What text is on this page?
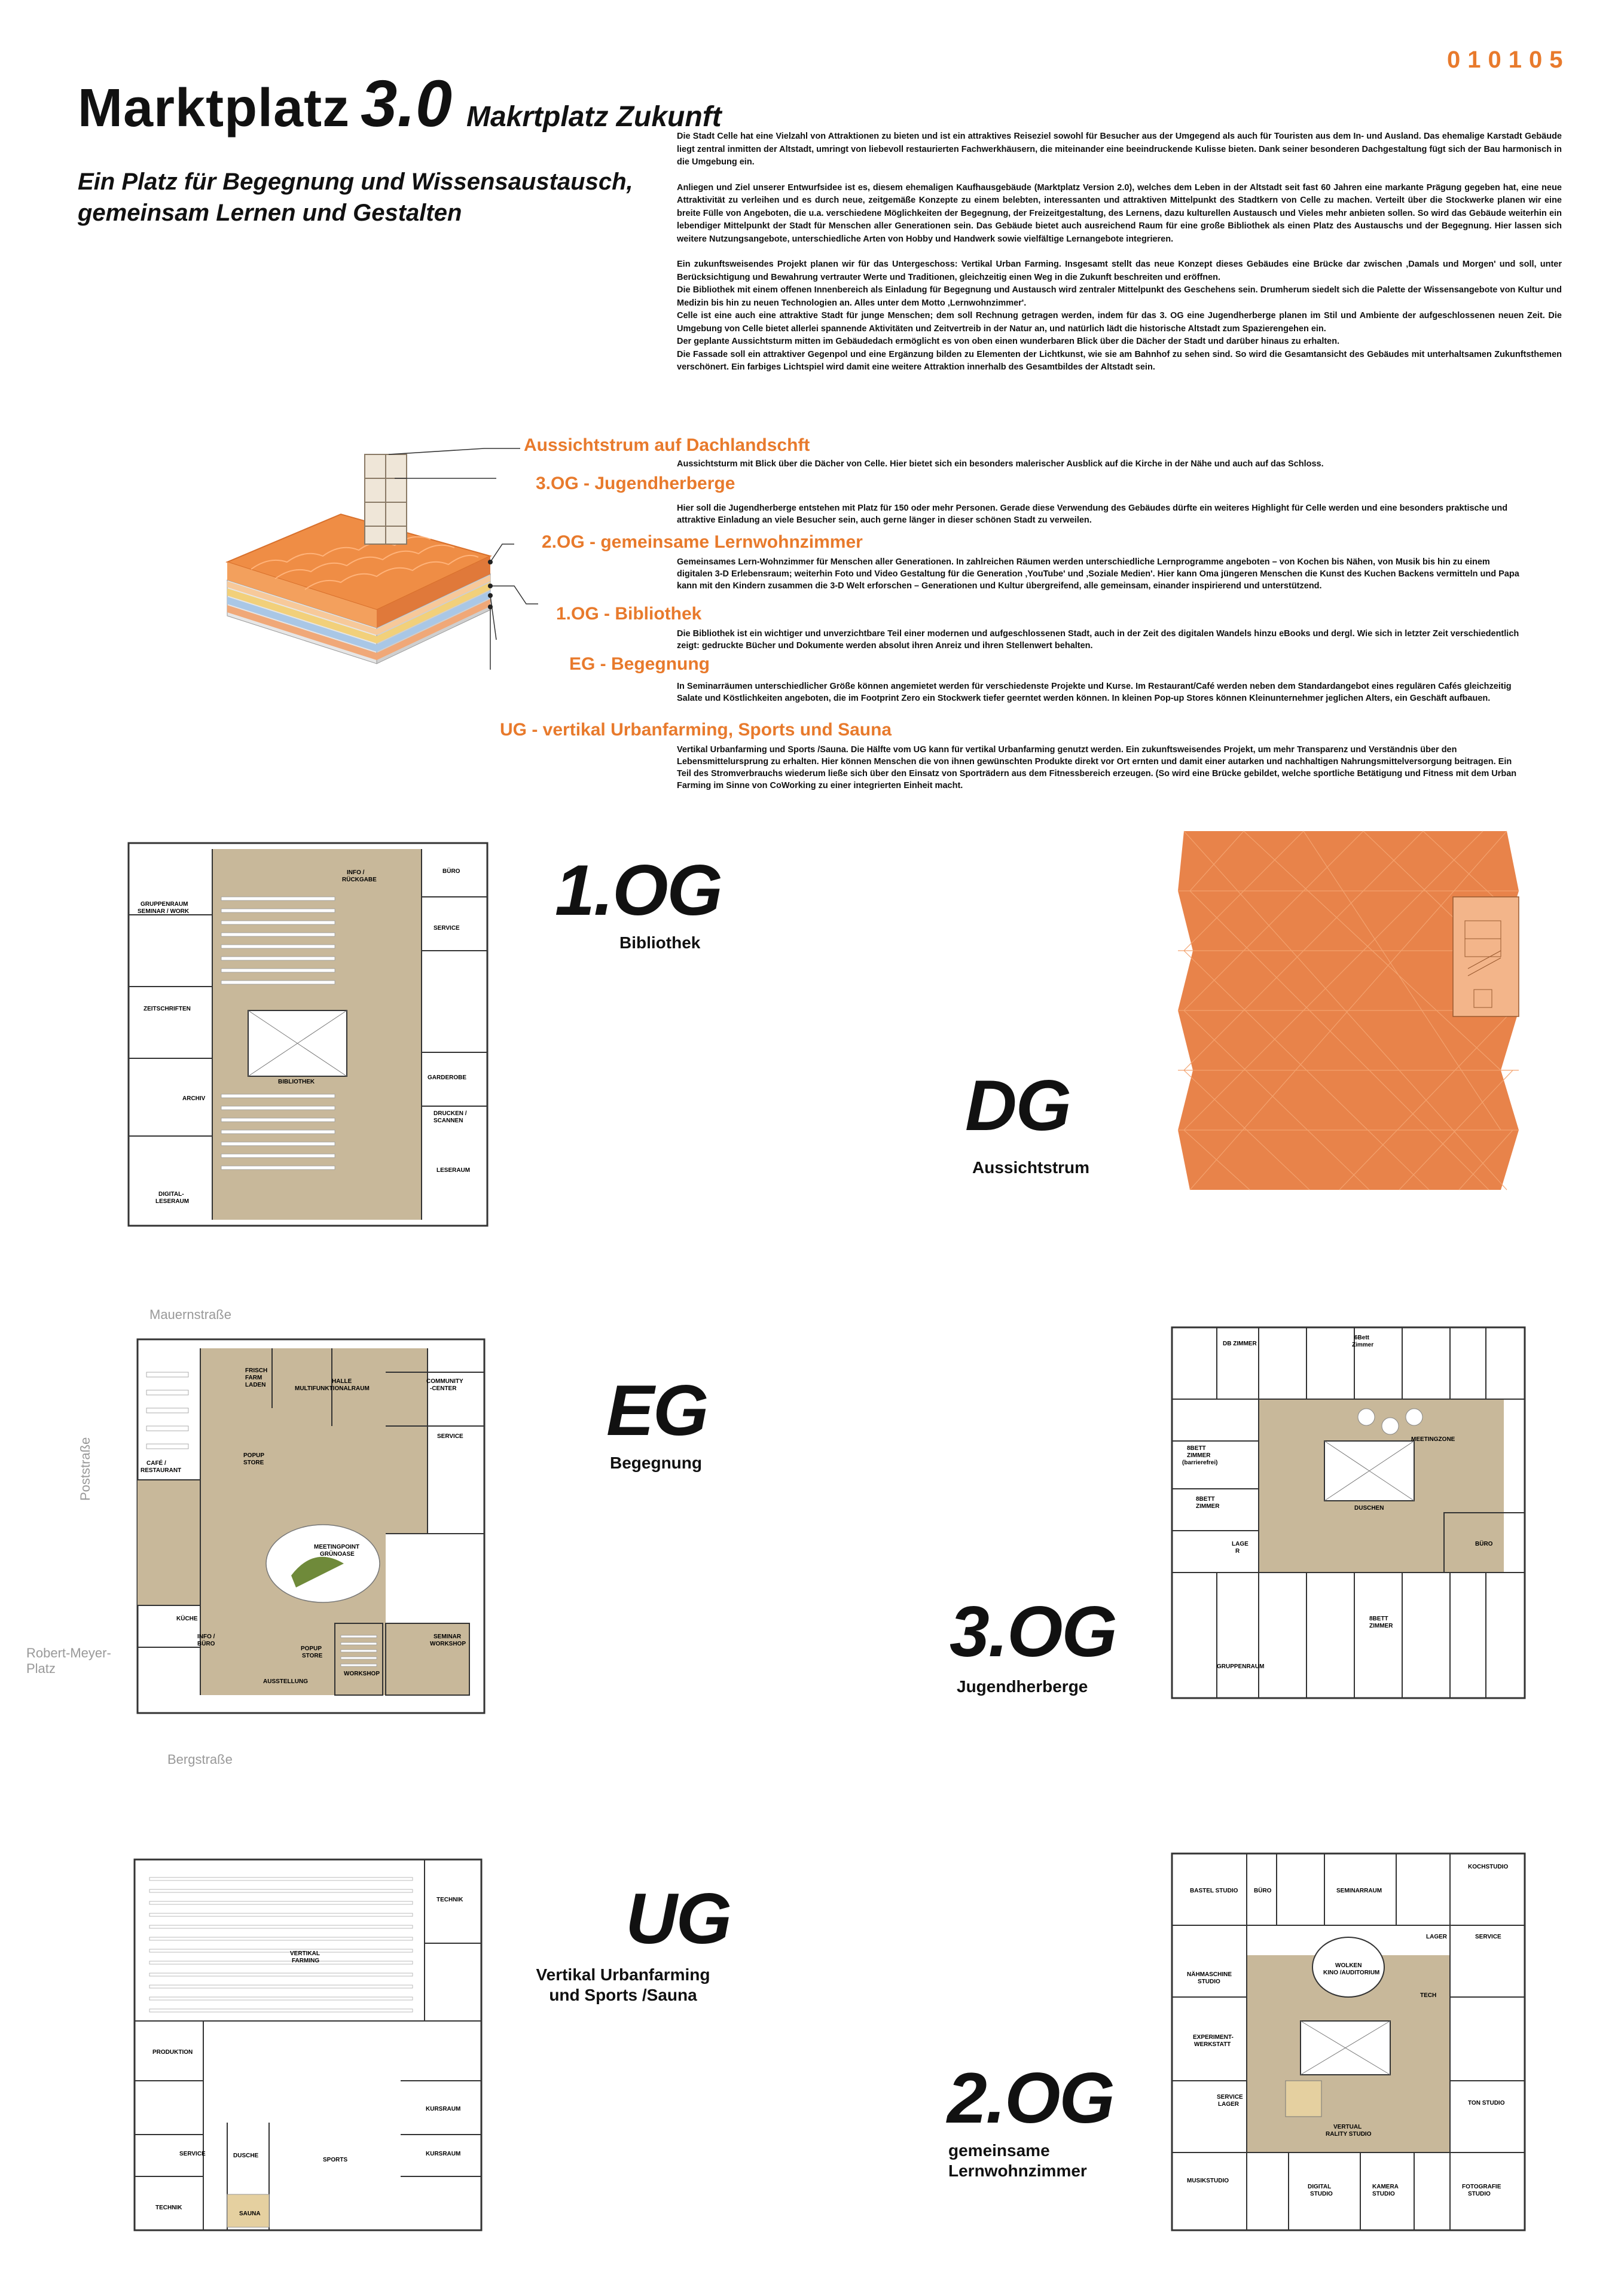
010105
Marktplatz 3.0 Makrtplatz Zukunft
Ein Platz für Begegnung und Wissensaustausch, gemeinsam Lernen und Gestalten

Die Stadt Celle hat eine Vielzahl von Attraktionen zu bieten und ist ein attraktives Reiseziel sowohl für Besucher aus der Umgegend als auch für Touristen aus dem In- und Ausland. Das ehemalige Karstadt Gebäude liegt zentral inmitten der Altstadt, umringt von liebevoll restaurierten Fachwerkhäusern, die miteinander eine beeindruckende Kulisse bieten. Dank seiner besonderen Dachgestaltung fügt sich der Bau harmonisch in die Umgebung ein.

Anliegen und Ziel unserer Entwurfsidee ist es, diesem ehemaligen Kaufhausgebäude (Marktplatz Version 2.0), welches dem Leben in der Altstadt seit fast 60 Jahren eine markante Prägung gegeben hat, eine neue Attraktivität zu verleihen und es durch neue, zeitgemäße Konzepte zu einem belebten, interessanten und attraktiven Mittelpunkt des Stadtkern von Celle zu machen. Verteilt über die Stockwerke planen wir eine breite Fülle von Angeboten, die u.a. verschiedene Möglichkeiten der Begegnung, der Freizeitgestaltung, des Lernens, dazu kulturellen Austausch und Vieles mehr anbieten sollen. So wird das Gebäude weiterhin ein lebendiger Mittelpunkt der Stadt für Menschen aller Generationen sein. Das Gebäude bietet auch ausreichend Raum für eine große Bibliothek als einen Platz des Austauschs und der Begegnung. Hier lassen sich weitere Nutzungsangebote, unterschiedliche Arten von Hobby und Handwerk sowie vielfältige Lernangebote integrieren.

Ein zukunftsweisendes Projekt planen wir für das Untergeschoss: Vertikal Urban Farming. Insgesamt stellt das neue Konzept dieses Gebäudes eine Brücke dar zwischen ‚Damals und Morgen' und soll, unter Berücksichtigung und Bewahrung vertrauter Werte und Traditionen, gleichzeitig einen Weg in die Zukunft beschreiten und eröffnen.

Die Bibliothek mit einem offenen Innenbereich als Einladung für Begegnung und Austausch wird zentraler Mittelpunkt des Geschehens sein. Drumherum siedelt sich die Palette der Wissensangebote von Kultur und Medizin bis hin zu neuen Technologien an. Alles unter dem Motto ‚Lernwohnzimmer'.

Celle ist eine auch eine attraktive Stadt für junge Menschen; dem soll Rechnung getragen werden, indem für das 3. OG eine Jugendherberge planen im Stil und Ambiente der aufgeschlossenen neuen Zeit. Die Umgebung von Celle bietet allerlei spannende Aktivitäten und Zeitvertreib in der Natur an, und natürlich lädt die historische Altstadt zum Spazierengehen ein.

Der geplante Aussichtsturm mitten im Gebäudedach ermöglicht es von oben einen wunderbaren Blick über die Dächer der Stadt und darüber hinaus zu erhalten.

Die Fassade soll ein attraktiver Gegenpol und eine Ergänzung bilden zu Elementen der Lichtkunst, wie sie am Bahnhof zu sehen sind. So wird die Gesamtansicht des Gebäudes mit unterhaltsamen Zukunftsthemen verschönert. Ein farbiges Lichtspiel wird damit eine weitere Attraktion innerhalb des Gesamtbildes der Altstadt sein.

Aussichtstrum auf Dachlandschft
Aussichtsturm mit Blick über die Dächer von Celle. Hier bietet sich ein besonders malerischer Ausblick auf die Kirche in der Nähe und auch auf das Schloss.
3.OG - Jugendherberge
Hier soll die Jugendherberge entstehen mit Platz für 150 oder mehr Personen. Gerade diese Verwendung des Gebäudes dürfte ein weiteres Highlight für Celle werden und eine besonders praktische und attraktive Einladung an viele Besucher sein, auch gerne länger in dieser schönen Stadt zu verweilen.
2.OG - gemeinsame Lernwohnzimmer
Gemeinsames Lern-Wohnzimmer für Menschen aller Generationen. In zahlreichen Räumen werden unterschiedliche Lernprogramme angeboten – von Kochen bis Nähen, von Musik bis hin zu einem digitalen 3-D Erlebensraum; weiterhin Foto und Video Gestaltung für die Generation ‚YouTube' und ‚Soziale Medien'. Hier kann Oma jüngeren Menschen die Kunst des Kuchen Backens vermitteln und Papa kann mit den Kindern zusammen die 3-D Welt erforschen – Generationen und Kultur übergreifend, alle gemeinsam, einander inspirierend und unterstützend.
1.OG - Bibliothek
Die Bibliothek ist ein wichtiger und unverzichtbare Teil einer modernen und aufgeschlossenen Stadt, auch in der Zeit des digitalen Wandels hinzu eBooks und dergl. Wie sich in letzter Zeit verschiedentlich zeigt: gedruckte Bücher und Dokumente werden absolut ihren Anreiz und ihren Stellenwert behalten.
EG - Begegnung
In Seminarräumen unterschiedlicher Größe können angemietet werden für verschiedenste Projekte und Kurse. Im Restaurant/Café werden neben dem Standardangebot eines regulären Cafés gleichzeitig Salate und Köstlichkeiten angeboten, die im Footprint Zero ein Stockwerk tiefer geerntet werden können. In kleinen Pop-up Stores können Kleinunternehmer jeglichen Alters, ein Geschäft aufbauen.
UG - vertikal Urbanfarming, Sports und Sauna
Vertikal Urbanfarming und Sports /Sauna. Die Hälfte vom UG kann für vertikal Urbanfarming genutzt werden. Ein zukunftsweisendes Projekt, um mehr Transparenz und Verständnis über den Lebensmittelursprung zu erhalten. Hier können Menschen die von ihnen gewünschten Produkte direkt vor Ort ernten und damit einer autarken und nachhaltigen Nahrungsmittelversorgung beitragen. Ein Teil des Stromverbrauchs wiederum ließe sich über den Einsatz von Sporträdern aus dem Fitnessbereich erzeugen. (So wird eine Brücke gebildet, welche sportliche Betätigung und Fitness mit dem Urban Farming im Sinne von CoWorking zu einer integrierten Einheit macht.
INFO /
RÜCKGABE
BÜRO
GRUPPENRAUM
SEMINAR / WORK
SERVICE
ZEITSCHRIFTEN
BIBLIOTHEK
GARDEROBE
ARCHIV
DRUCKEN /
SCANNEN
LESERAUM
DIGITAL-
LESERAUM
1.OG
Bibliothek
DG
Aussichtstrum
Mauernstraße
Poststraße
Robert-Meyer-
Platz
Bergstraße
FRISCH
FARM
LADEN
HALLE
MULTIFUNKTIONALRAUM
COMMUNITY
-CENTER
SERVICE
CAFÉ /
RESTAURANT
POPUP
STORE
MEETINGPOINT
GRÜNOASE
KÜCHE
INFO /
BÜRO
POPUP
STORE
SEMINAR
WORKSHOP
WORKSHOP
AUSSTELLUNG
EG
Begegnung
DB ZIMMER
6Bett
Zimmer
8BETT
ZIMMER
(barrierefrei)
MEETINGZONE
8BETT
ZIMMER	DUSCHEN
BÜRO
LAGE
R
8BETT
ZIMMER
GRUPPENRAUM
3.OG
Jugendherberge
TECHNIK
VERTIKAL
FARMING
PRODUKTION
SERVICE	DUSCHE
SPORTS
KURSRAUM
TECHNIK
SAUNA
KURSRAUM
UG
Vertikal Urbanfarming
und Sports /Sauna
KOCHSTUDIO
BASTEL STUDIO	BÜRO	SEMINARRAUM
LAGER	SERVICE
NÄHMASCHINE
STUDIO
WOLKEN
KINO /AUDITORIUM
TECH
EXPERIMENT-
WERKSTATT
SERVICE
LAGER
VERTUAL
RALITY STUDIO
TON STUDIO
MUSIKSTUDIO
DIGITAL
STUDIO
KAMERA
STUDIO
FOTOGRAFIE
STUDIO
2.OG
gemeinsame
Lernwohnzimmer
